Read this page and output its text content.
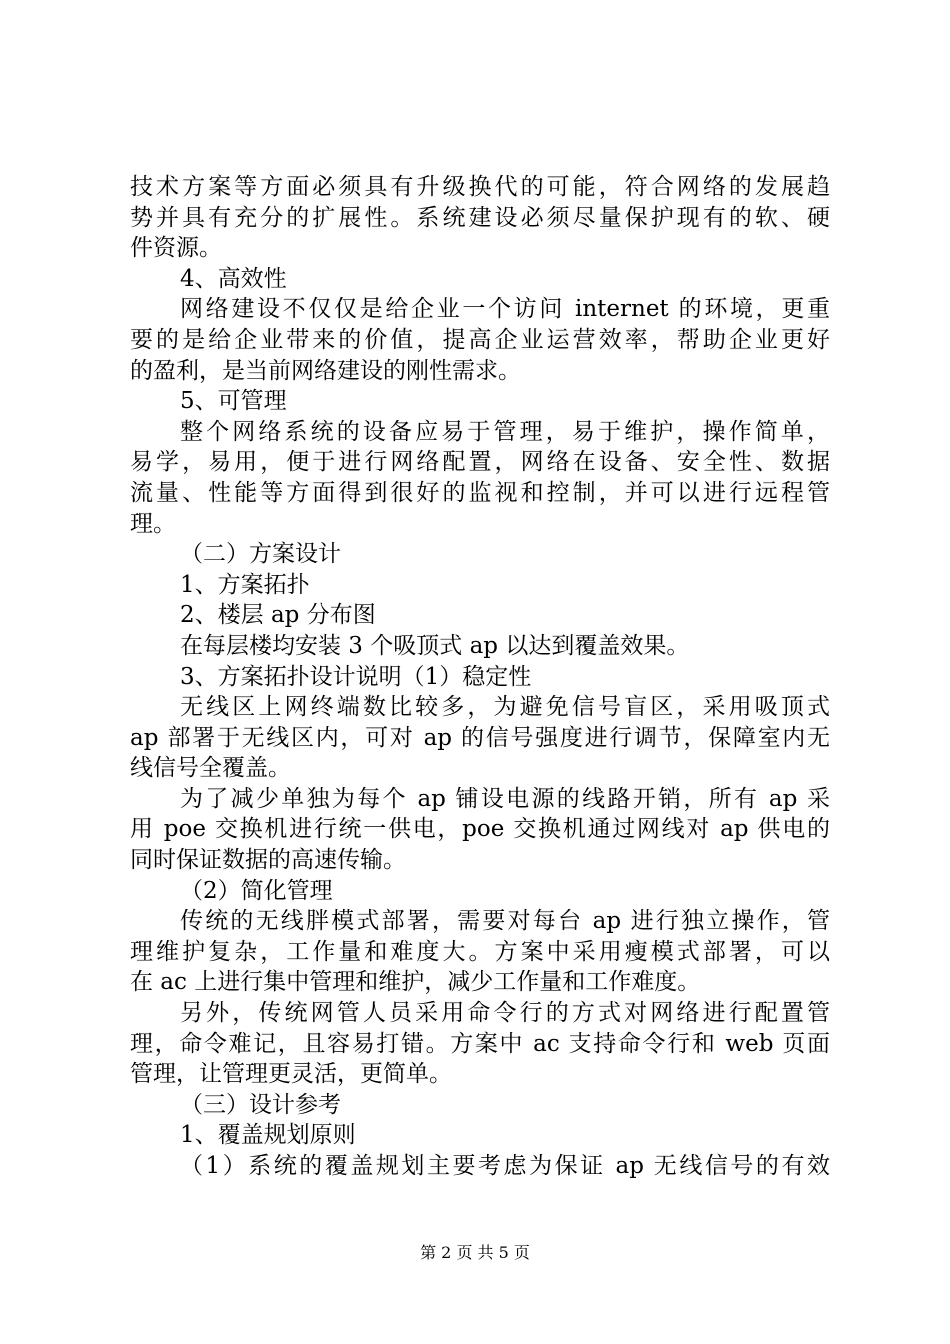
技术方案等方面必须具有升级换代的可能，符合网络的发展趋
势并具有充分的扩展性。系统建设必须尽量保护现有的软、硬
件资源。
4、高效性
网络建设不仅仅是给企业一个访问 internet 的环境，更重
要的是给企业带来的价值，提高企业运营效率，帮助企业更好
的盈利，是当前网络建设的刚性需求。
5、可管理
整个网络系统的设备应易于管理，易于维护，操作简单，
易学，易用，便于进行网络配置，网络在设备、安全性、数据
流量、性能等方面得到很好的监视和控制，并可以进行远程管
理。
（二）方案设计
1、方案拓扑
2、楼层 ap 分布图
在每层楼均安装 3 个吸顶式 ap 以达到覆盖效果。
3、方案拓扑设计说明（1）稳定性
无线区上网终端数比较多，为避免信号盲区，采用吸顶式
ap 部署于无线区内，可对 ap 的信号强度进行调节，保障室内无
线信号全覆盖。
为了减少单独为每个 ap 铺设电源的线路开销，所有 ap 采
用 poe 交换机进行统一供电，poe 交换机通过网线对 ap 供电的
同时保证数据的高速传输。
（2）简化管理
传统的无线胖模式部署，需要对每台 ap 进行独立操作，管
理维护复杂，工作量和难度大。方案中采用瘦模式部署，可以
在 ac 上进行集中管理和维护，减少工作量和工作难度。
另外，传统网管人员采用命令行的方式对网络进行配置管
理，命令难记，且容易打错。方案中 ac 支持命令行和 web 页面
管理，让管理更灵活，更简单。
（三）设计参考
1、覆盖规划原则
（1）系统的覆盖规划主要考虑为保证 ap 无线信号的有效
第 2 页 共 5 页
